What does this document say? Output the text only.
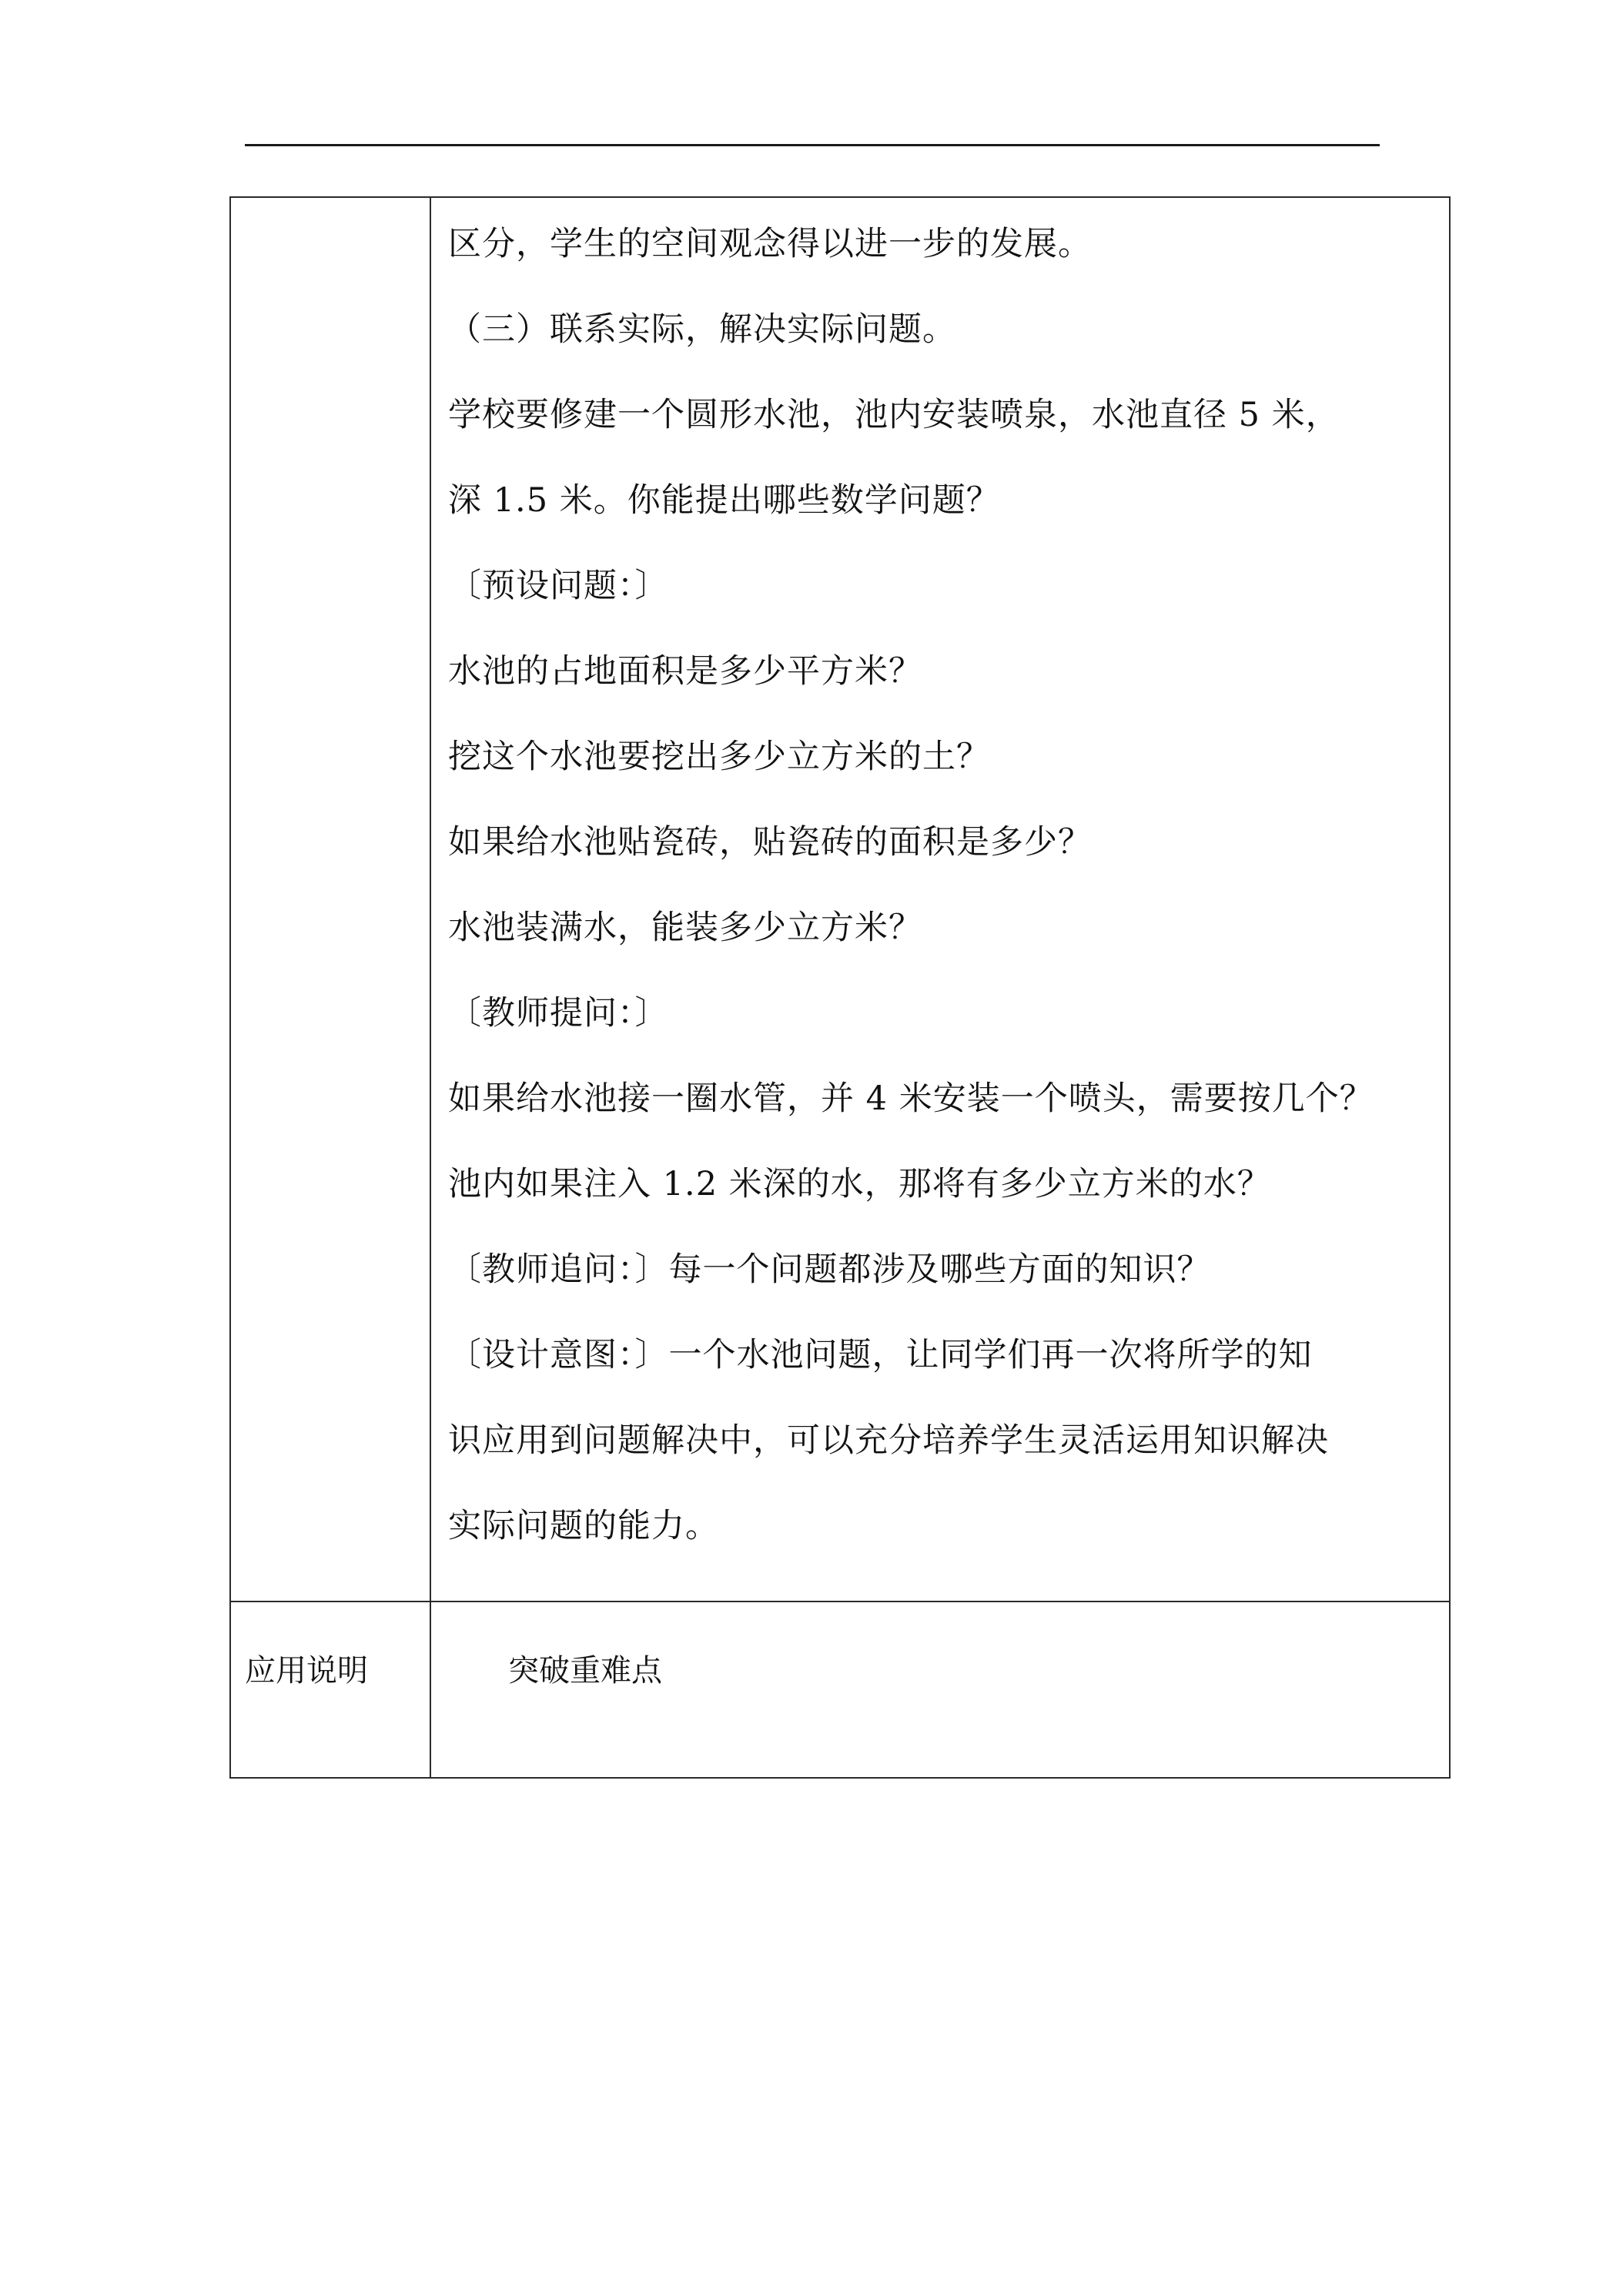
区分，学生的空间观念得以进一步的发展。
（三）联系实际，解决实际问题。
学校要修建一个圆形水池，池内安装喷泉，水池直径 5 米，
深 1.5 米。你能提出哪些数学问题？
〔预设问题：〕
水池的占地面积是多少平方米？
挖这个水池要挖出多少立方米的土？
如果给水池贴瓷砖，贴瓷砖的面积是多少？
水池装满水，能装多少立方米？
〔教师提问：〕
如果给水池接一圈水管，并 4 米安装一个喷头，需要按几个？
池内如果注入 1.2 米深的水，那将有多少立方米的水？
〔教师追问：〕每一个问题都涉及哪些方面的知识？
〔设计意图：〕一个水池问题，让同学们再一次将所学的知
识应用到问题解决中，可以充分培养学生灵活运用知识解决
实际问题的能力。
应用说明	突破重难点
